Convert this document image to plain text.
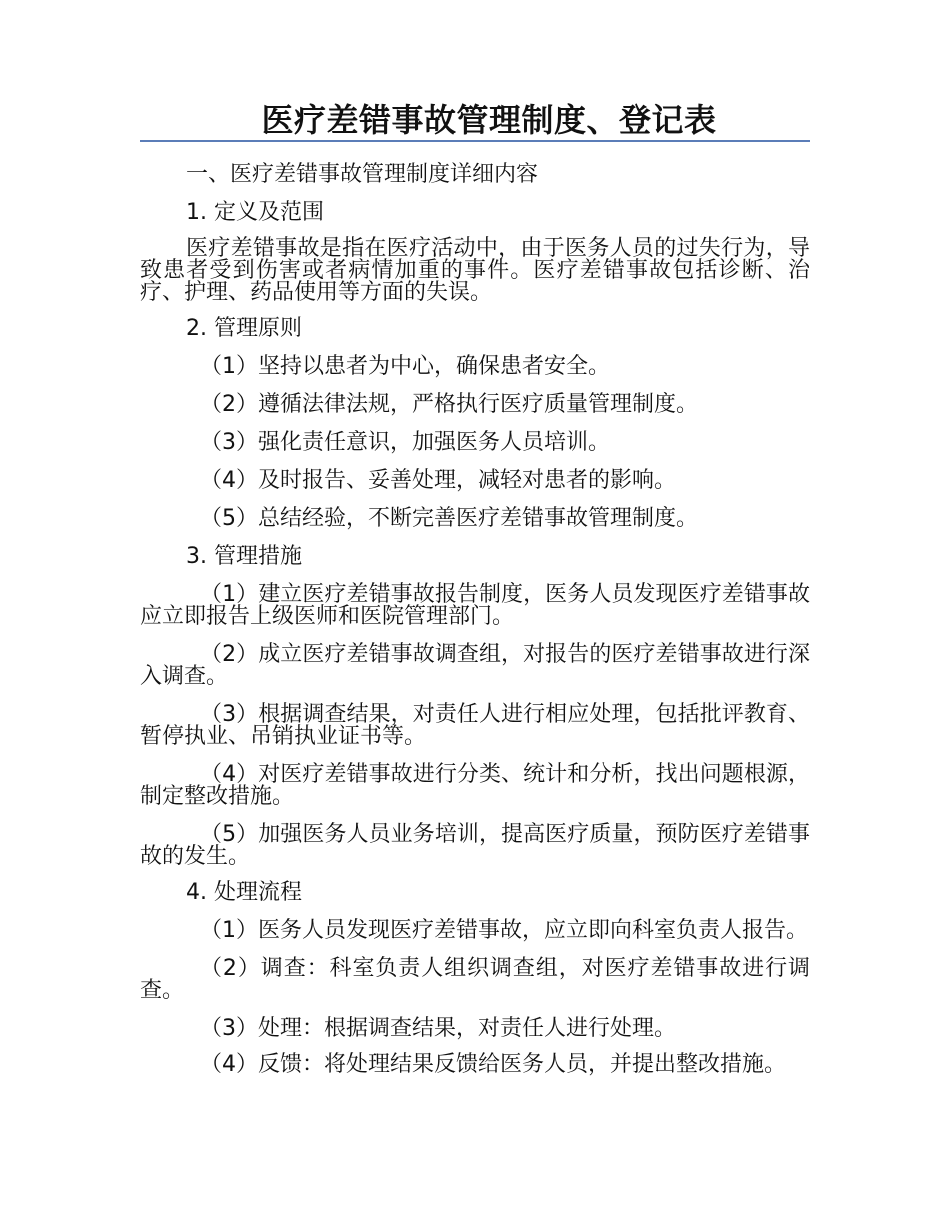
医疗差错事故管理制度、登记表
一、医疗差错事故管理制度详细内容
1. 定义及范围
医疗差错事故是指在医疗活动中，由于医务人员的过失行为，导致患者受到伤害或者病情加重的事件。医疗差错事故包括诊断、治疗、护理、药品使用等方面的失误。
2. 管理原则
（1）坚持以患者为中心，确保患者安全。
（2）遵循法律法规，严格执行医疗质量管理制度。
（3）强化责任意识，加强医务人员培训。
（4）及时报告、妥善处理，减轻对患者的影响。
（5）总结经验，不断完善医疗差错事故管理制度。
3. 管理措施
（1）建立医疗差错事故报告制度，医务人员发现医疗差错事故应立即报告上级医师和医院管理部门。
（2）成立医疗差错事故调查组，对报告的医疗差错事故进行深入调查。
（3）根据调查结果，对责任人进行相应处理，包括批评教育、暂停执业、吊销执业证书等。
（4）对医疗差错事故进行分类、统计和分析，找出问题根源，制定整改措施。
（5）加强医务人员业务培训，提高医疗质量，预防医疗差错事故的发生。
4. 处理流程
（1）医务人员发现医疗差错事故，应立即向科室负责人报告。
（2）调查：科室负责人组织调查组，对医疗差错事故进行调查。
（3）处理：根据调查结果，对责任人进行处理。
（4）反馈：将处理结果反馈给医务人员，并提出整改措施。
